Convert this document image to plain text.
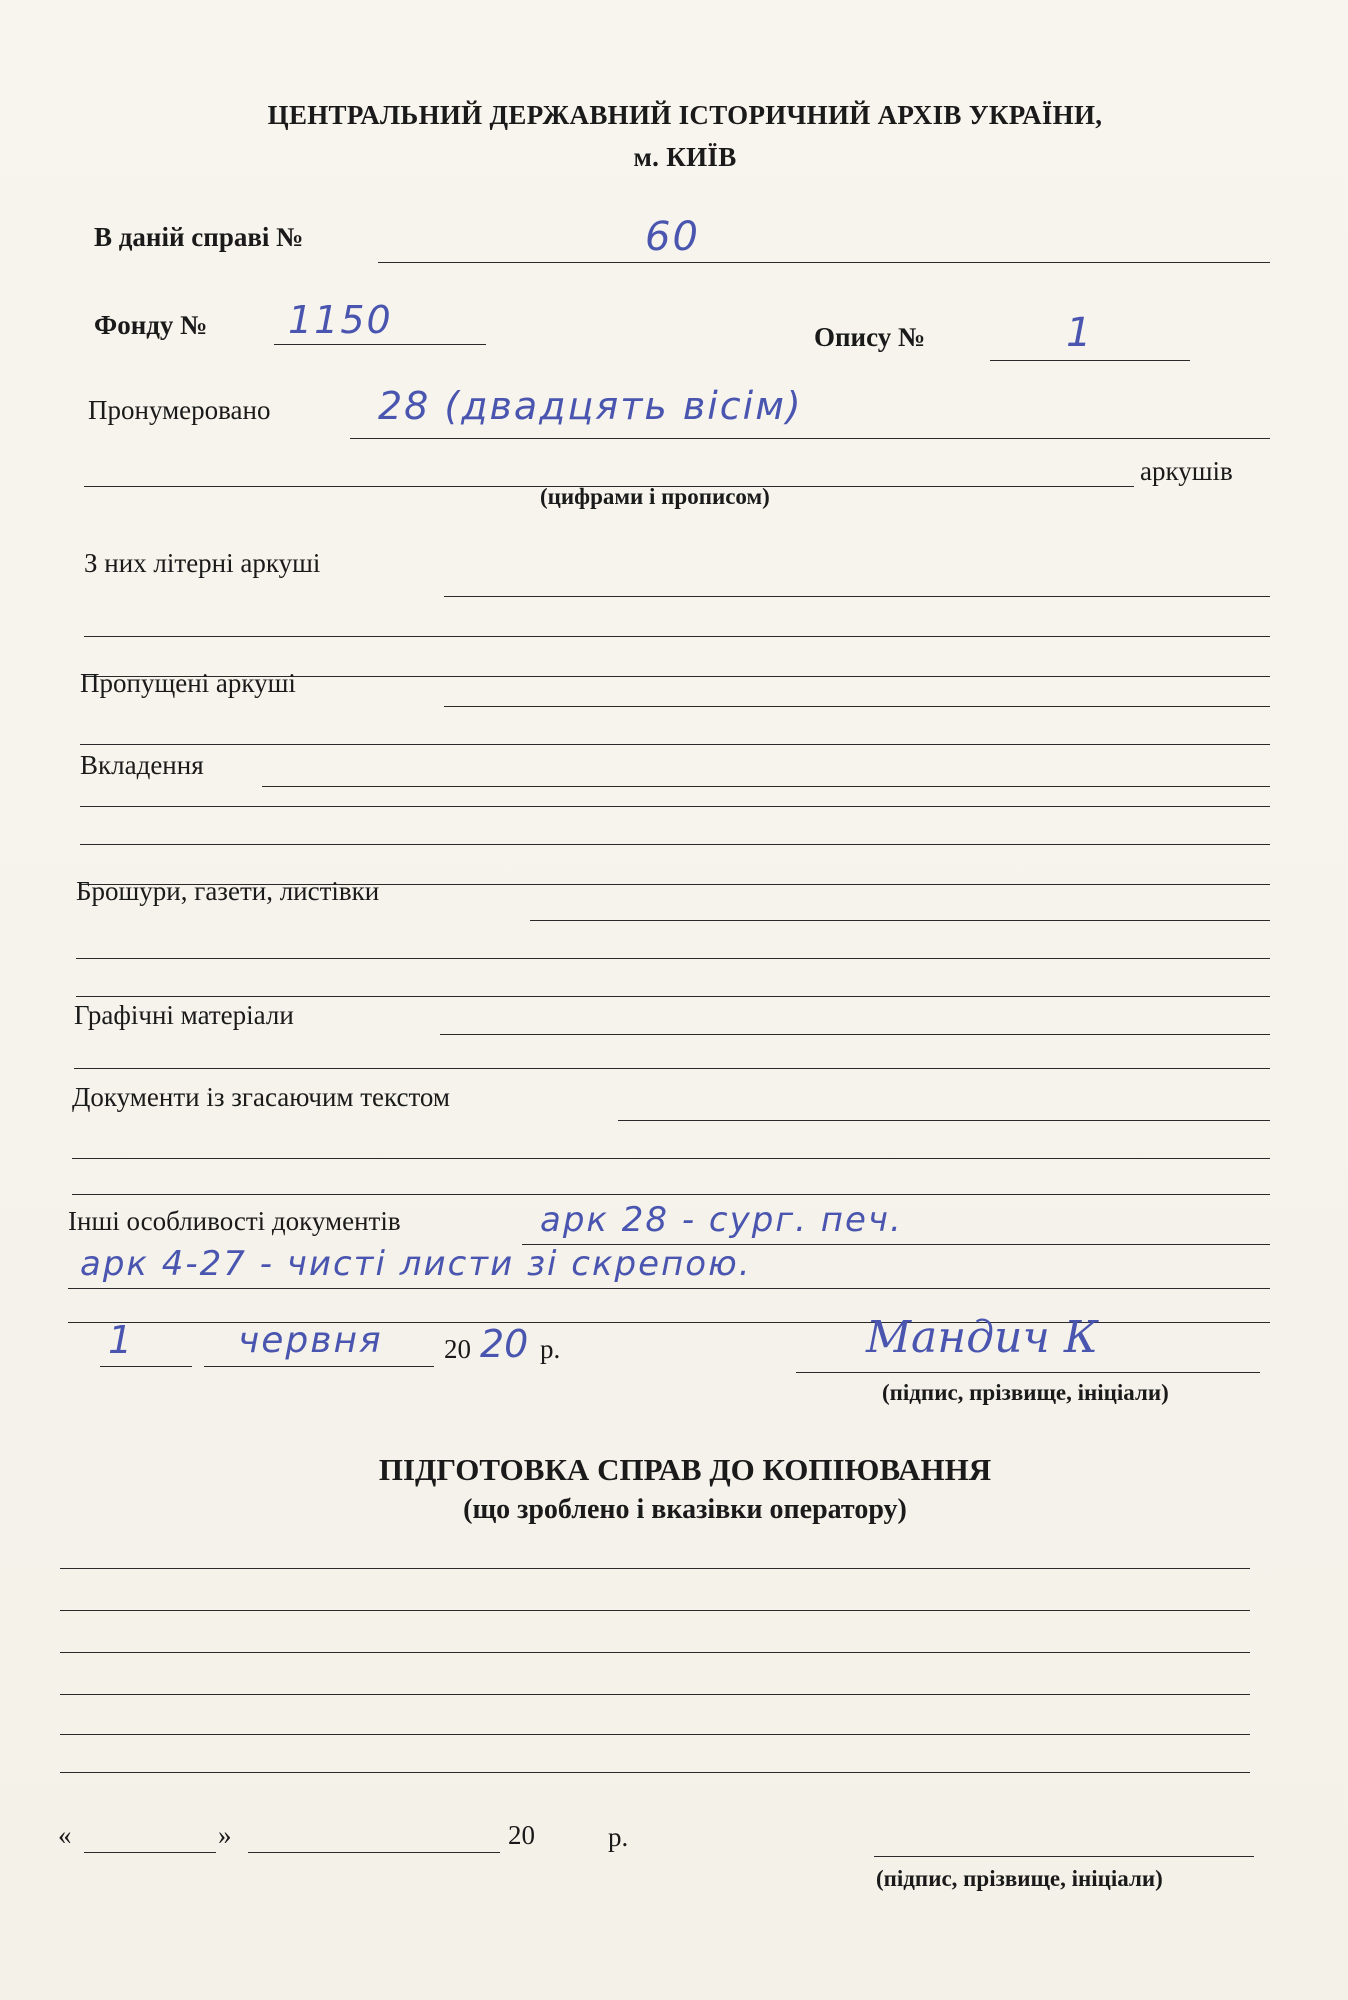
ЦЕНТРАЛЬНИЙ ДЕРЖАВНИЙ ІСТОРИЧНИЙ АРХІВ УКРАЇНИ,
м. КИЇВ
В даній справі №	60
Фонду № 1150	Опису №	1
Пронумеровано	28 (двадцять вісім)
аркушів
(цифрами і прописом)
З них літерні аркуші
Пропущені аркуші
Вкладення
Брошури, газети, листівки
Графічні матеріали
Документи із згасаючим текстом
Інші особливості документів	арк 28 - сург. печ.
арк 4-27 - чисті листи зі скрепою.
1	червня 20 20 р.	Мандич К
(підпис, прізвище, ініціали)
ПІДГОТОВКА СПРАВ ДО КОПІЮВАННЯ
(що зроблено і вказівки оператору)
«	»	20	р.
(підпис, прізвище, ініціали)
